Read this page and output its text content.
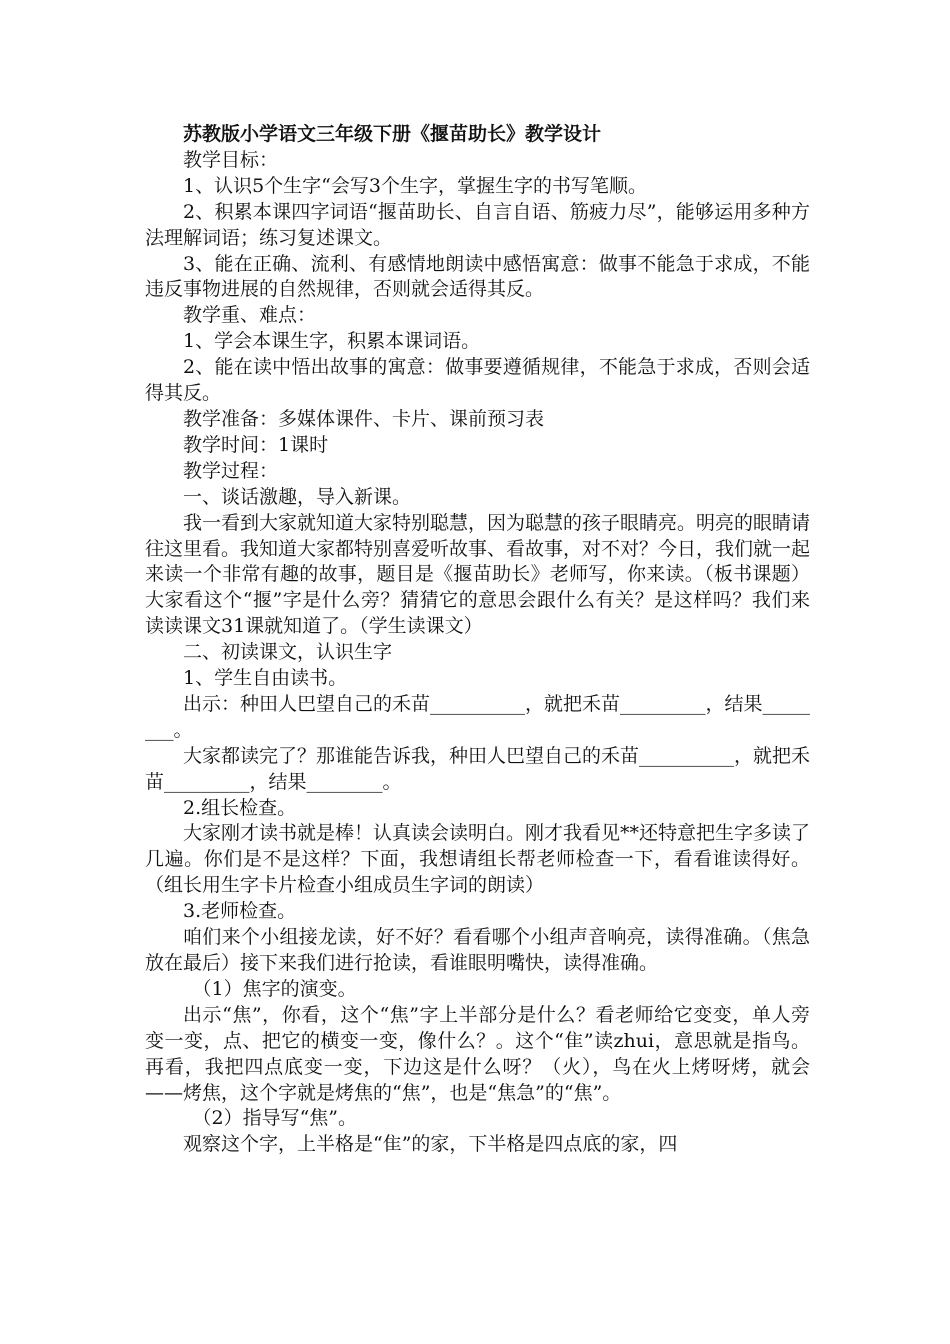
苏教版小学语文三年级下册《揠苗助长》教学设计

教学目标：

1、认识5个生字“会写3个生字，掌握生字的书写笔顺。

2、积累本课四字词语“揠苗助长、自言自语、筋疲力尽”，能够运用多种方法理解词语；练习复述课文。

3、能在正确、流利、有感情地朗读中感悟寓意：做事不能急于求成，不能违反事物进展的自然规律，否则就会适得其反。

教学重、难点：

1、学会本课生字，积累本课词语。

2、能在读中悟出故事的寓意：做事要遵循规律，不能急于求成，否则会适得其反。

教学准备：多媒体课件、卡片、课前预习表

教学时间：1课时

教学过程：

一、谈话激趣，导入新课。

我一看到大家就知道大家特别聪慧，因为聪慧的孩子眼睛亮。明亮的眼睛请往这里看。我知道大家都特别喜爱听故事、看故事，对不对？今日，我们就一起来读一个非常有趣的故事，题目是《揠苗助长》老师写，你来读。（板书课题）大家看这个“揠”字是什么旁？猜猜它的意思会跟什么有关？是这样吗？我们来读读课文31课就知道了。（学生读课文）

二、初读课文，认识生字

1、学生自由读书。

出示：种田人巴望自己的禾苗__________，就把禾苗_________，结果________。

大家都读完了？那谁能告诉我，种田人巴望自己的禾苗__________，就把禾苗_________，结果________。

2.组长检查。

大家刚才读书就是棒！认真读会读明白。刚才我看见**还特意把生字多读了几遍。你们是不是这样？下面，我想请组长帮老师检查一下，看看谁读得好。（组长用生字卡片检查小组成员生字词的朗读）

3.老师检查。

咱们来个小组接龙读，好不好？看看哪个小组声音响亮，读得准确。（焦急放在最后）接下来我们进行抢读，看谁眼明嘴快，读得准确。

（1）焦字的演变。

出示“焦”，你看，这个“焦”字上半部分是什么？看老师给它变变，单人旁变一变，点、把它的横变一变，像什么？。这个“隹”读zhui，意思就是指鸟。再看，我把四点底变一变，下边这是什么呀？（火），鸟在火上烤呀烤，就会——烤焦，这个字就是烤焦的“焦”，也是“焦急”的“焦”。

（2）指导写“焦”。

观察这个字，上半格是“隹”的家，下半格是四点底的家，四
